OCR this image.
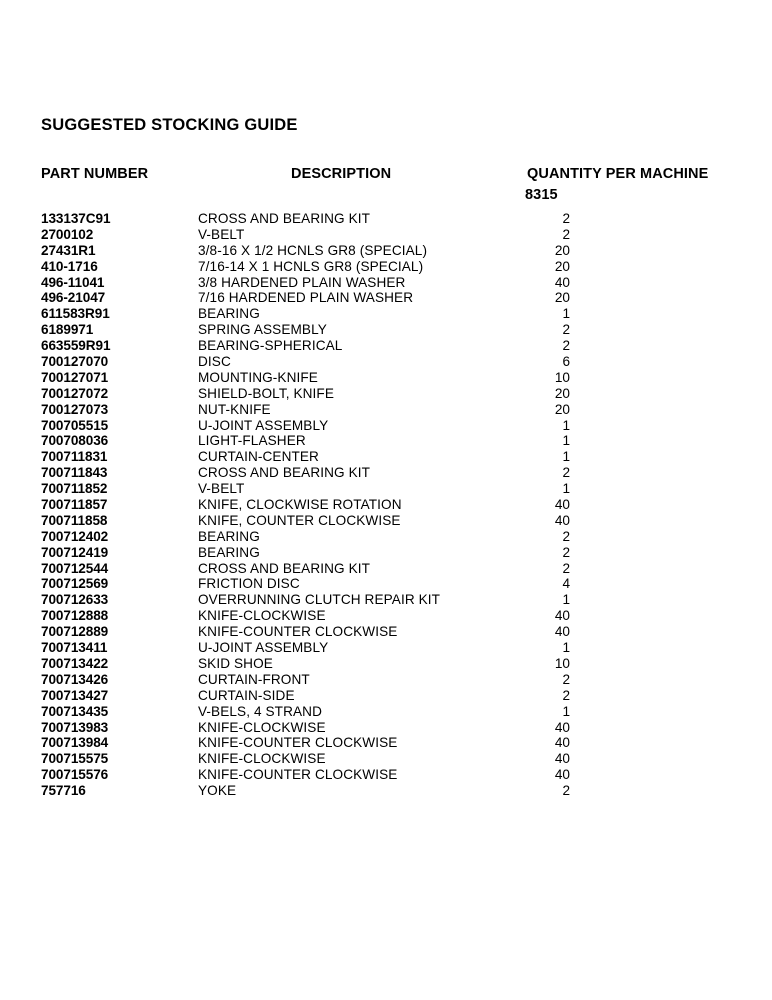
SUGGESTED STOCKING GUIDE
PART NUMBER	DESCRIPTION	QUANTITY PER MACHINE
8315
133137C91	CROSS AND BEARING KIT	2
2700102	V-BELT	2
27431R1	3/8-16 X 1/2 HCNLS GR8 (SPECIAL)	20
410-1716	7/16-14 X 1 HCNLS GR8 (SPECIAL)	20
496-11041	3/8 HARDENED PLAIN WASHER	40
496-21047	7/16 HARDENED PLAIN WASHER	20
611583R91	BEARING	1
6189971	SPRING ASSEMBLY	2
663559R91	BEARING-SPHERICAL	2
700127070	DISC	6
700127071	MOUNTING-KNIFE	10
700127072	SHIELD-BOLT, KNIFE	20
700127073	NUT-KNIFE	20
700705515	U-JOINT ASSEMBLY	1
700708036	LIGHT-FLASHER	1
700711831	CURTAIN-CENTER	1
700711843	CROSS AND BEARING KIT	2
700711852	V-BELT	1
700711857	KNIFE, CLOCKWISE ROTATION	40
700711858	KNIFE, COUNTER CLOCKWISE	40
700712402	BEARING	2
700712419	BEARING	2
700712544	CROSS AND BEARING KIT	2
700712569	FRICTION DISC	4
700712633	OVERRUNNING CLUTCH REPAIR KIT	1
700712888	KNIFE-CLOCKWISE	40
700712889	KNIFE-COUNTER CLOCKWISE	40
700713411	U-JOINT ASSEMBLY	1
700713422	SKID SHOE	10
700713426	CURTAIN-FRONT	2
700713427	CURTAIN-SIDE	2
700713435	V-BELS, 4 STRAND	1
700713983	KNIFE-CLOCKWISE	40
700713984	KNIFE-COUNTER CLOCKWISE	40
700715575	KNIFE-CLOCKWISE	40
700715576	KNIFE-COUNTER CLOCKWISE	40
757716	YOKE	2
